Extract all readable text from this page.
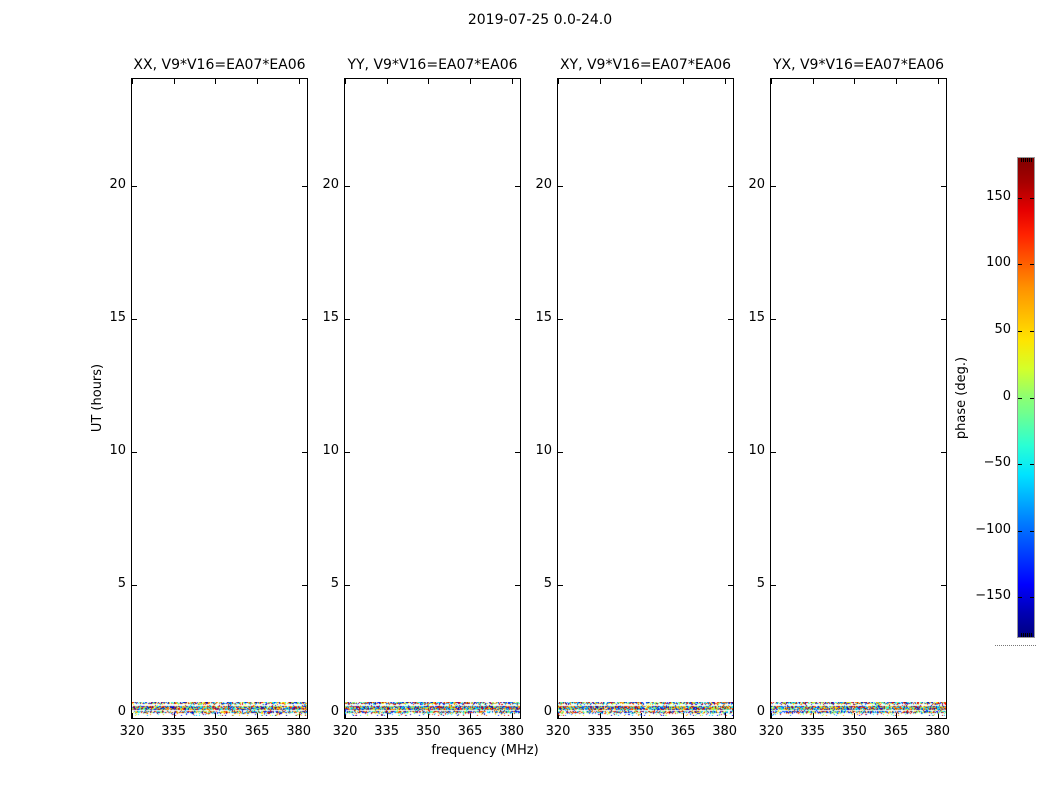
2019-07-25 0.0-24.0
XX, V9*V16=EA07*EA06
320	335	350	365	380
0
5
10
15
20
YY, V9*V16=EA07*EA06
320	335	350	365	380
0
5
10
15
20
XY, V9*V16=EA07*EA06
320	335	350	365	380
0
5
10
15
20
YX, V9*V16=EA07*EA06
320	335	350	365	380
0
5
10
15
20
UT (hours)
frequency (MHz)
150
100
50
0
−50
−100
−150
phase (deg.)
